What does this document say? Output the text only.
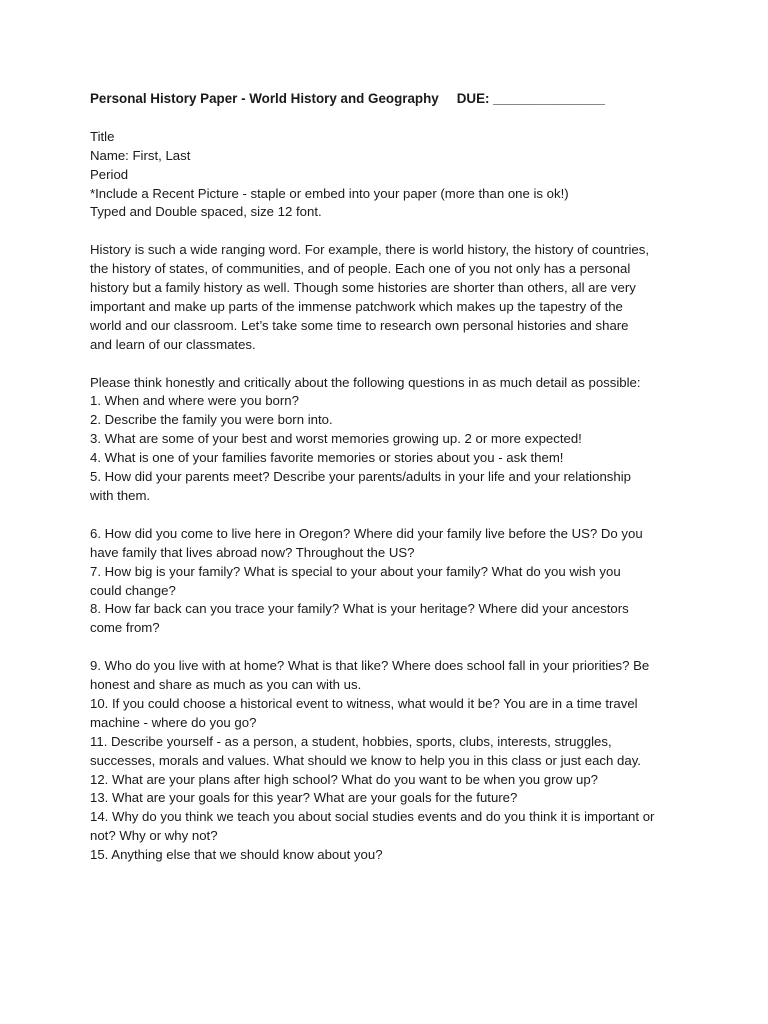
Personal History Paper - World History and Geography DUE: _______________
Title
Name: First, Last
Period
*Include a Recent Picture - staple or embed into your paper (more than one is ok!)
Typed and Double spaced, size 12 font.
History is such a wide ranging word. For example, there is world history, the history of countries,
the history of states, of communities, and of people. Each one of you not only has a personal
history but a family history as well. Though some histories are shorter than others, all are very
important and make up parts of the immense patchwork which makes up the tapestry of the
world and our classroom. Let’s take some time to research own personal histories and share
and learn of our classmates.
Please think honestly and critically about the following questions in as much detail as possible:
1. When and where were you born?
2. Describe the family you were born into.
3. What are some of your best and worst memories growing up. 2 or more expected!
4. What is one of your families favorite memories or stories about you - ask them!
5. How did your parents meet? Describe your parents/adults in your life and your relationship
with them.
6. How did you come to live here in Oregon? Where did your family live before the US? Do you
have family that lives abroad now? Throughout the US?
7. How big is your family? What is special to your about your family? What do you wish you
could change?
8. How far back can you trace your family? What is your heritage? Where did your ancestors
come from?
9. Who do you live with at home? What is that like? Where does school fall in your priorities? Be
honest and share as much as you can with us.
10. If you could choose a historical event to witness, what would it be? You are in a time travel
machine - where do you go?
11. Describe yourself - as a person, a student, hobbies, sports, clubs, interests, struggles,
successes, morals and values. What should we know to help you in this class or just each day.
12. What are your plans after high school? What do you want to be when you grow up?
13. What are your goals for this year? What are your goals for the future?
14. Why do you think we teach you about social studies events and do you think it is important or
not? Why or why not?
15. Anything else that we should know about you?
